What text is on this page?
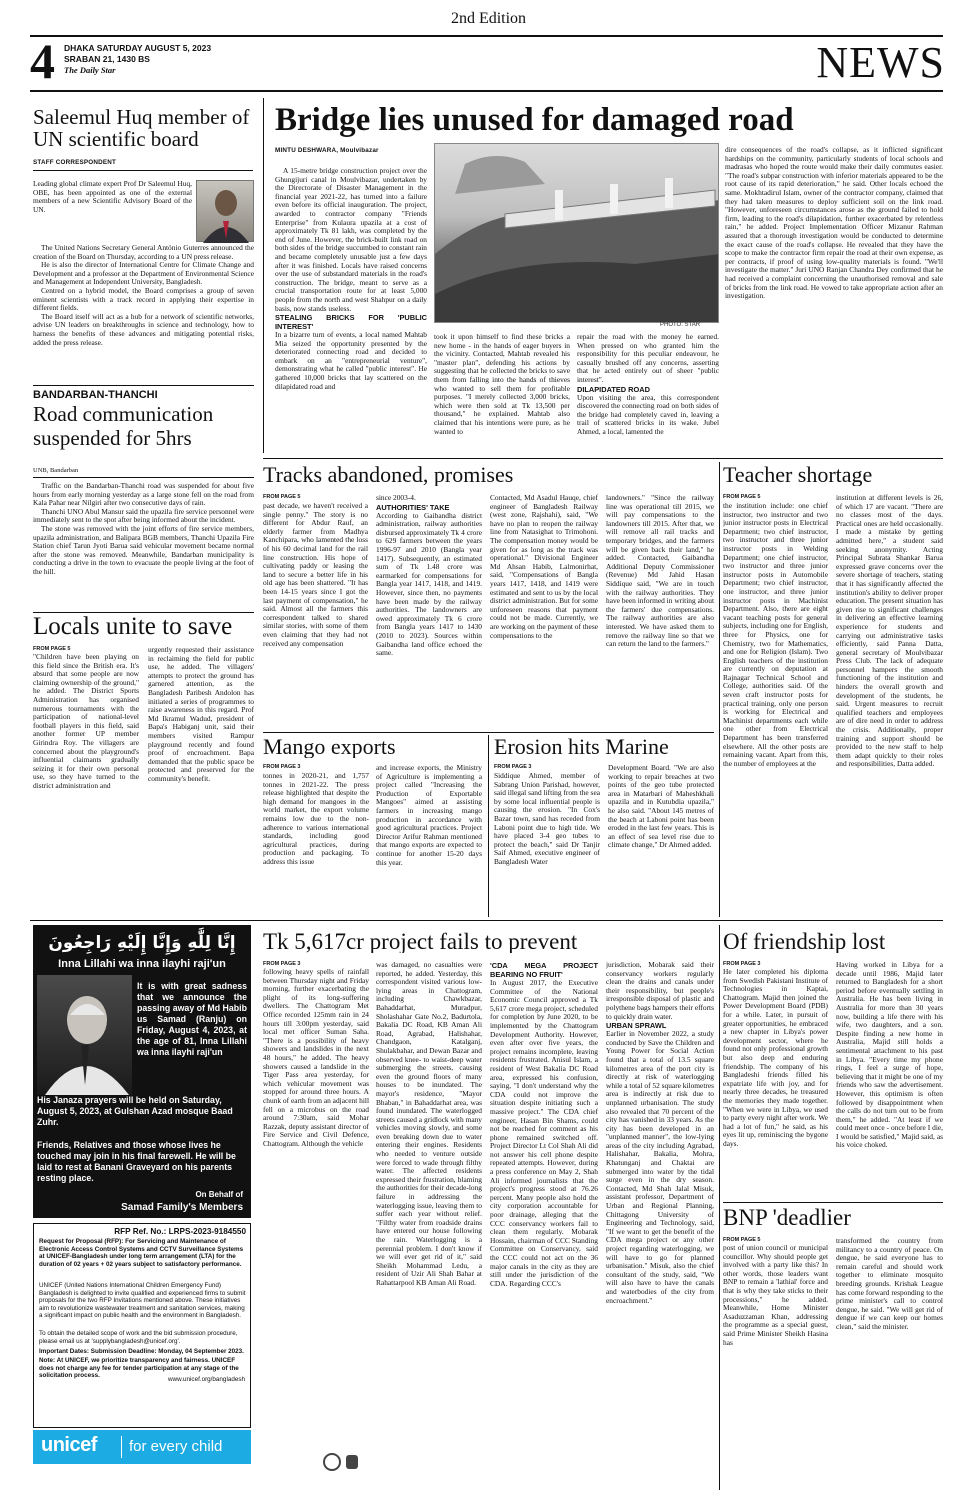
2nd Edition
4 DHAKA SATURDAY AUGUST 5, 2023
SRABAN 21, 1430 BS
The Daily Star	NEWS
Saleemul Huq member of UN scientific board
STAFF CORRESPONDENT
Leading global climate expert Prof Dr Saleemul Huq, OBE, has been appointed as one of the external members of a new Scientific Advisory Board of the UN.

The United Nations Secretary General António Guterres announced the creation of the Board on Thursday, according to a UN press release.

He is also the director of International Centre for Climate Change and Development and a professor at the Department of Environmental Science and Management at Independent University, Bangladesh.

Centred on a hybrid model, the Board comprises a group of seven eminent scientists with a track record in applying their expertise in different fields.

The Board itself will act as a hub for a network of scientific networks, advise UN leaders on breakthroughs in science and technology, how to harness the benefits of these advances and mitigating potential risks, added the press release.

BANDARBAN-THANCHI
Road communication suspended for 5hrs
UNB, Bandarban

Traffic on the Bandarban-Thanchi road was suspended for about five hours from early morning yesterday as a large stone fell on the road from Kala Pahar near Nilgiri after two consecutive days of rain.

Thanchi UNO Abul Mansur said the upazila fire service personnel were immediately sent to the spot after being informed about the incident.

The stone was removed with the joint efforts of fire service members, upazila administration, and Balipara BGB members, Thanchi Upazila Fire Station chief Tarun Jyoti Barua said vehicular movement became normal after the stone was removed. Meanwhile, Bandarban municipality is conducting a drive in the town to evacuate the people living at the foot of the hill.

Bridge lies unused for damaged road
MINTU DESHWARA, Moulvibazar
PHOTO: STAR

A 15-metre bridge construction project over the Ghungijuri canal in Moulvibazar, undertaken by the Directorate of Disaster Management in the financial year 2021-22, has turned into a failure even before its official inauguration. The project, awarded to contractor company "Friends Enterprise" from Kulaura upazila at a cost of approximately Tk 81 lakh, was completed by the end of June. However, the brick-built link road on both sides of the bridge succumbed to constant rain and became completely unusable just a few days after it was finished. Locals have raised concerns over the use of substandard materials in the road's construction. The bridge, meant to serve as a crucial transportation route for at least 5,000 people from the north and west Shahpur on a daily basis, now stands useless.

STEALING BRICKS FOR 'PUBLIC INTEREST'

In a bizarre turn of events, a local named Mahtab Mia seized the opportunity presented by the deteriorated connecting road and decided to embark on an "entrepreneurial venture", demonstrating what he called "public interest". He gathered 10,000 bricks that lay scattered on the dilapidated road and

took it upon himself to find these bricks a new home - in the hands of eager buyers in the vicinity. Contacted, Mahtab revealed his "master plan", defending his actions by suggesting that he collected the bricks to save them from falling into the hands of thieves who wanted to sell them for profitable purposes. "I merely collected 3,000 bricks, which were then sold at Tk 13,500 per thousand," he explained. Mahtab also claimed that his intentions were pure, as he wanted to

repair the road with the money he earned. When pressed on who granted him the responsibility for this peculiar endeavour, he casually brushed off any concerns, asserting that he acted entirely out of sheer "public interest".

DILAPIDATED ROAD

Upon visiting the area, this correspondent discovered the connecting road on both sides of the bridge had completely caved in, leaving a trail of scattered bricks in its wake. Jubel Ahmed, a local, lamented the

dire consequences of the road's collapse, as it inflicted significant hardships on the community, particularly students of local schools and madrasas who hoped the route would make their daily commutes easier. "The road's subpar construction with inferior materials appeared to be the root cause of its rapid deterioration," he said. Other locals echoed the same. Mokhtadirul Islam, owner of the contractor company, claimed that they had taken measures to deploy sufficient soil on the link road. "However, unforeseen circumstances arose as the ground failed to hold firm, leading to the road's dilapidation, further exacerbated by relentless rain," he added. Project Implementation Officer Mizanur Rahman assured that a thorough investigation would be conducted to determine the exact cause of the road's collapse. He revealed that they have the scope to make the contractor firm repair the road at their own expense, as per contracts, if proof of using low-quality materials is found. "We'll investigate the matter." Juri UNO Ranjan Chandra Dey confirmed that he had received a complaint concerning the unauthorised removal and sale of bricks from the link road. He vowed to take appropriate action after an investigation.
Tracks abandoned, promises
FROM PAGE 5
past decade, we haven't received a single penny." The story is no different for Abdur Rauf, an elderly farmer from Madhya Kanchipara, who lamented the loss of his 60 decimal land for the rail line construction. His hope of cultivating paddy or leasing the land to secure a better life in his old age has been shattered. "It has been 14-15 years since I got the last payment of compensation," he said. Almost all the farmers this correspondent talked to shared similar stories, with some of them even claiming that they had not received any compensation

since 2003-4.

AUTHORITIES' TAKE

According to Gaibandha district administration, railway authorities disbursed approximately Tk 4 crore to 629 farmers between the years 1996-97 and 2010 (Bangla year 1417). Subsequently, an estimated sum of Tk 1.48 crore was earmarked for compensations for Bangla year 1417, 1418, and 1419. However, since then, no payments have been made by the railway authorities. The landowners are owed approximately Tk 6 crore from Bangla years 1417 to 1430 (2010 to 2023). Sources within Gaibandha land office echoed the same.

Contacted, Md Asadul Hauqe, chief engineer of Bangladesh Railway (west zone, Rajshahi), said, "We have no plan to reopen the railway line from Natasighat to Trimohoni. The compensation money would be given for as long as the track was operational." Divisional Engineer Md Ahsan Habib, Lalmonirhat, said, "Compensations of Bangla years 1417, 1418, and 1419 were estimated and sent to us by the local district administration. But for some unforeseen reasons that payment could not be made. Currently, we are working on the payment of these compensations to the
landowners." "Since the railway line was operational till 2015, we will pay compensations to the landowners till 2015. After that, we will remove all rail tracks and temporary bridges, and the farmers will be given back their land," he added. Contacted, Gaibandha Additional Deputy Commissioner (Revenue) Md Jahid Hasan Siddique said, "We are in touch with the railway authorities. They have been informed in writing about the farmers' due compensations. The railway authorities are also interested. We have asked them to remove the railway line so that we can return the land to the farmers."
Teacher shortage
FROM PAGE 5
the institution include: one chief instructor, two instructor and two junior instructor posts in Electrical Department; two chief instructor, two instructor and three junior instructor posts in Welding Department; one chief instructor, two instructor and three junior instructor posts in Automobile Department; two chief instructor, one instructor, and three junior instructor posts in Machinist Department. Also, there are eight vacant teaching posts for general subjects, including one for English, three for Physics, one for Chemistry, two for Mathematics, and one for Religion (Islam). Two English teachers of the institution are currently on deputation at Rajnagar Technical School and College, authorities said. Of the seven craft instructor posts for practical training, only one person is working for Electrical and Machinist departments each while one other from Electrical Department has been transferred elsewhere. All the other posts are remaining vacant. Apart from this, the number of employees at the
institution at different levels is 26, of which 17 are vacant. "There are no classes most of the days. Practical ones are held occasionally. I made a mistake by getting admitted here," a student said seeking anonymity. Acting Principal Subrata Shankar Barua expressed grave concerns over the severe shortage of teachers, stating that it has significantly affected the institution's ability to deliver proper education. The present situation has given rise to significant challenges in delivering an effective learning experience for students and carrying out administrative tasks efficiently, said Panna Datta, general secretary of Moulvibazar Press Club. The lack of adequate personnel hampers the smooth functioning of the institution and hinders the overall growth and development of the students, he said. Urgent measures to recruit qualified teachers and employees are of dire need in order to address the crisis. Additionally, proper training and support should be provided to the new staff to help them adapt quickly to their roles and responsibilities, Datta added.
Locals unite to save
FROM PAGE 5
"Children have been playing on this field since the British era. It's absurd that some people are now claiming ownership of the ground," he added. The District Sports Administration has organised numerous tournaments with the participation of national-level football players in this field, said another former UP member Girindra Roy. The villagers are concerned about the playground's influential claimants gradually seizing it for their own personal use, so they have turned to the district administration and
urgently requested their assistance in reclaiming the field for public use, he added. The villagers' attempts to protect the ground has garnered attention, as the Bangladesh Paribesh Andolon has initiated a series of programmes to raise awareness in this regard. Prof Md Ikramul Wadud, president of Bapa's Habiganj unit, said their members visited Rampur playground recently and found proof of encroachment. Bapa demanded that the public space be protected and preserved for the community's benefit.
Mango exports
FROM PAGE 3
tonnes in 2020-21, and 1,757 tonnes in 2021-22. The press release highlighted that despite the high demand for mangoes in the world market, the export volume remains low due to the non-adherence to various international standards, including good agricultural practices, during production and packaging. To address this issue
and increase exports, the Ministry of Agriculture is implementing a project called "Increasing the Production of Exportable Mangoes" aimed at assisting farmers in increasing mango production in accordance with good agricultural practices. Project Director Arifur Rahman mentioned that mango exports are expected to continue for another 15-20 days this year.
Erosion hits Marine
FROM PAGE 3
Siddique Ahmed, member of Sabrang Union Parishad, however, said illegal sand lifting from the sea by some local influential people is causing the erosion. "In Cox's Bazar town, sand has receded from Laboni point due to high tide. We have placed 3-4 geo tubes to protect the beach," said Dr Tanjir Saif Ahmed, executive engineer of Bangladesh Water
Development Board. "We are also working to repair breaches at two points of the geo tube protected area in Matarbari of Maheshkhali upazila and in Kutubdia upazila," he also said. "About 145 metres of the beach at Laboni point has been eroded in the last few years. This is an effect of sea level rise due to climate change," Dr Ahmed added.
إِنَّا لِلَّٰهِ وَإِنَّا إِلَيْهِ رَاجِعُونَ
Inna Lillahi wa inna ilayhi raji'un
It is with great sadness that we announce the passing away of Md Habib us Samad (Ranju) on Friday, August 4, 2023, at the age of 81, Inna Lillahi wa inna ilayhi raji'un
His Janaza prayers will be held on Saturday, August 5, 2023, at Gulshan Azad mosque Baad Zuhr.
Friends, Relatives and those whose lives he touched may join in his final farewell. He will be laid to rest at Banani Graveyard on his parents resting place.
On Behalf of
Samad Family's Members
RFP Ref. No.: LRPS-2023-9184550
Request for Proposal (RFP): For Servicing and Maintenance of Electronic Access Control Systems and CCTV Surveillance Systems at UNICEF-Bangladesh under long term arrangement (LTA) for the duration of 02 years + 02 years subject to satisfactory performance.
UNICEF (United Nations International Children Emergency Fund) Bangladesh is delighted to invite qualified and experienced firms to submit proposals for the two RFP Invitations mentioned above. These initiatives aim to revolutionize wastewater treatment and sanitation services, making a significant impact on public health and the environment in Bangladesh.
To obtain the detailed scope of work and the bid submission procedure, please email us at 'supplybangladesh@unicef.org'.
Important Dates: Submission Deadline: Monday, 04 September 2023.
Note: At UNICEF, we prioritize transparency and fairness. UNICEF does not charge any fee for tender participation at any stage of the solicitation process.
www.unicef.org/bangladesh
unicef for every child
Tk 5,617cr project fails to prevent
FROM PAGE 3
following heavy spells of rainfall between Thursday night and Friday morning, further exacerbating the plight of its long-suffering dwellers. The Chattogram Met Office recorded 125mm rain in 24 hours till 3:00pm yesterday, said local met officer Suman Saha. "There is a possibility of heavy showers and landslides in the next 48 hours," he added. The heavy showers caused a landslide in the Tiger Pass area yesterday, for which vehicular movement was stopped for around three hours. A chunk of earth from an adjacent hill fell on a microbus on the road around 7:30am, said Mohar Razzak, deputy assistant director of Fire Service and Civil Defence, Chattogram. Although the vehicle
was damaged, no casualties were reported, he added. Yesterday, this correspondent visited various low-lying areas in Chattogram, including Chawkbazar, Bahaddarhat, Muradpur, Sholashahar Gate No.2, Badurtola, Bakalia DC Road, KB Aman Ali Road, Agrabad, Halishahar, Chandgaon, Katalganj, Shulakbahar, and Dewan Bazar and observed knee- to waist-deep water submerging the streets, causing even the ground floors of many houses to be inundated. The mayor's residence, "Mayor Bhaban," in Bahaddarhat area, was found inundated. The waterlogged streets caused a gridlock with many vehicles moving slowly, and some even breaking down due to water entering their engines. Residents who needed to venture outside were forced to wade through filthy water. The affected residents expressed their frustration, blaming the authorities for their decade-long failure in addressing the waterlogging issue, leaving them to suffer each year without relief. "Filthy water from roadside drains have entered our house following the rain. Waterlogging is a perennial problem. I don't know if we will ever get rid of it," said Sheikh Mohammad Ledu, a resident of Uzir Ali Shah Bahar at Rahattarpool KB Aman Ali Road.

'CDA MEGA PROJECT BEARING NO FRUIT'

In August 2017, the Executive Committee of the National Economic Council approved a Tk 5,617 crore mega project, scheduled for completion by June 2020, to be implemented by the Chattogram Development Authority. However, even after over five years, the project remains incomplete, leaving residents frustrated. Anisul Islam, a resident of West Bakalia DC Road area, expressed his confusion, saying, "I don't understand why the CDA could not improve the situation despite initiating such a massive project." The CDA chief engineer, Hasan Bin Shams, could not be reached for comment as his phone remained switched off. Project Director Lt Col Shah Ali did not answer his cell phone despite repeated attempts. However, during a press conference on May 2, Shah Ali informed journalists that the project's progress stood at 76.26 percent. Many people also hold the city corporation accountable for poor drainage, alleging that the CCC conservancy workers fail to clean them regularly. Mobarak Hossain, chairman of CCC Standing Committee on Conservancy, said the CCC could not act on the 36 major canals in the city as they are still under the jurisdiction of the CDA. Regarding CCC's

jurisdiction, Mobarak said their conservancy workers regularly clean the drains and canals under their responsibility, but people's irresponsible disposal of plastic and polythene bags hampers their efforts to quickly drain water.

URBAN SPRAWL

Earlier in November 2022, a study conducted by Save the Children and Young Power for Social Action found that a total of 13.5 square kilometres area of the port city is directly at risk of waterlogging while a total of 52 square kilometres area is indirectly at risk due to unplanned urbanisation. The study also revealed that 70 percent of the city has vanished in 33 years. As the city has been developed in an "unplanned manner", the low-lying areas of the city including Agrabad, Halishahar, Bakalia, Mohra, Khatunganj and Chaktai are submerged into water by the tidal surge even in the dry season. Contacted, Md Shah Jalal Misuk, assistant professor, Department of Urban and Regional Planning, Chittagong University of Engineering and Technology, said, "If we want to get the benefit of the CDA mega project or any other project regarding waterlogging, we will have to go for planned urbanisation." Misuk, also the chief consultant of the study, said, "We will also have to have the canals and waterbodies of the city from encroachment."

Of friendship lost
FROM PAGE 3
He later completed his diploma from Swedish Pakistani Institute of Technologies in Kaptai, Chattogram. Majid then joined the Power Development Board (PDB) for a while. Later, in pursuit of greater opportunities, he embraced a new chapter in Libya's power development sector, where he found not only professional growth but also deep and enduring friendship. The company of his Bangladeshi friends filled his expatriate life with joy, and for nearly three decades, he treasured the memories they made together. "When we were in Libya, we used to party every night after work. We had a lot of fun," he said, as his eyes lit up, reminiscing the bygone days.
Having worked in Libya for a decade until 1986, Majid later returned to Bangladesh for a short period before eventually settling in Australia. He has been living in Australia for more than 30 years now, building a life there with his wife, two daughters, and a son. Despite finding a new home in Australia, Majid still holds a sentimental attachment to his past in Libya. "Every time my phone rings, I feel a surge of hope, believing that it might be one of my friends who saw the advertisement. However, this optimism is often followed by disappointment when the calls do not turn out to be from them," he added. "At least if we could meet once - once before I die, I would be satisfied," Majid said, as his voice choked.
BNP 'deadlier
FROM PAGE 5
post of union council or municipal councillor. Why should people get involved with a party like this? In other words, those leaders want BNP to remain a 'lathial' force and that is why they take sticks to their processions," he added. Meanwhile, Home Minister Asaduzzaman Khan, addressing the programme as a special guest, said Prime Minister Sheikh Hasina has
transformed the country from militancy to a country of peace. On dengue, he said everyone has to remain careful and should work together to eliminate mosquito breeding grounds. Krishak League has come forward responding to the prime minister's call to control dengue, he said. "We will get rid of dengue if we can keep our homes clean," said the minister.
